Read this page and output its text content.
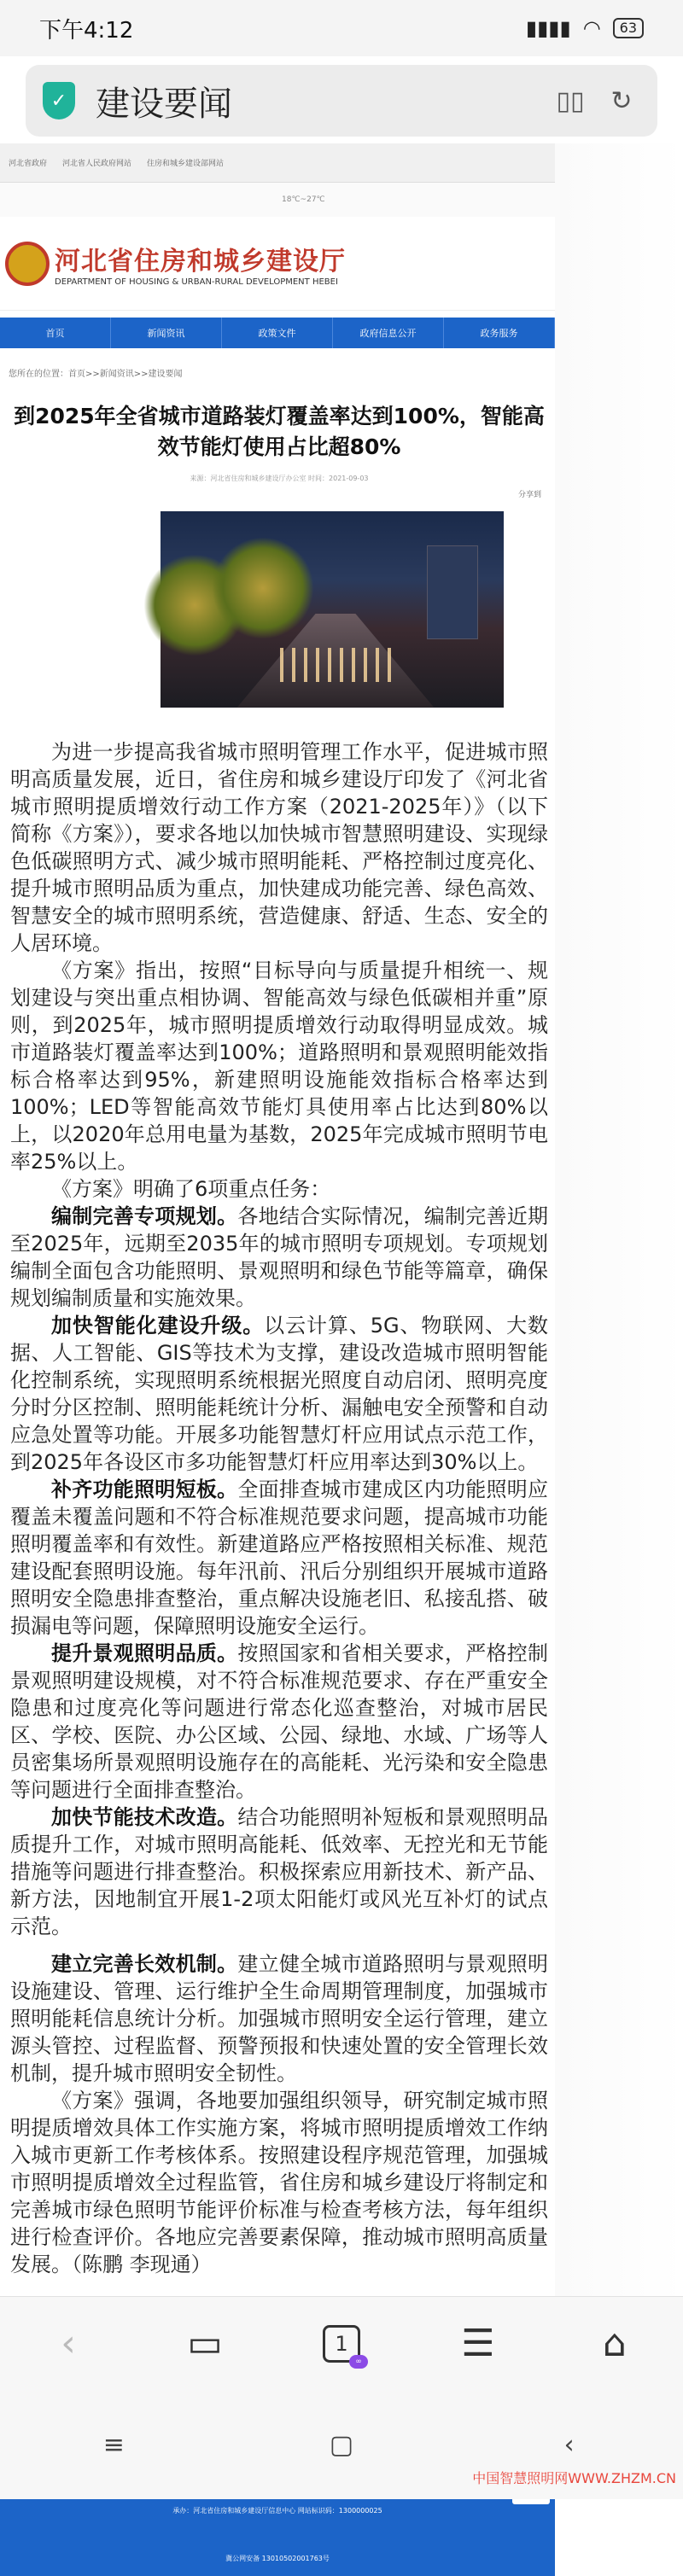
下午4:12	▮▮▮▮ ◠	63
✓ 建设要闻	▯▯	↻
河北省政府 河北省人民政府网站 住房和城乡建设部网站
18℃~27℃
河北省住房和城乡建设厅
DEPARTMENT OF HOUSING & URBAN-RURAL DEVELOPMENT HEBEI
首页	新闻资讯	政策文件	政府信息公开	政务服务
您所在的位置：首页>>新闻资讯>>建设要闻
到2025年全省城市道路装灯覆盖率达到100%，智能高效节能灯使用占比超80%
来源：河北省住房和城乡建设厅办公室 时间：2021-09-03
分享到

为进一步提高我省城市照明管理工作水平，促进城市照明高质量发展，近日，省住房和城乡建设厅印发了《河北省城市照明提质增效行动工作方案（2021-2025年）》（以下简称《方案》），要求各地以加快城市智慧照明建设、实现绿色低碳照明方式、减少城市照明能耗、严格控制过度亮化、提升城市照明品质为重点，加快建成功能完善、绿色高效、智慧安全的城市照明系统，营造健康、舒适、生态、安全的人居环境。

《方案》指出，按照“目标导向与质量提升相统一、规划建设与突出重点相协调、智能高效与绿色低碳相并重”原则，到2025年，城市照明提质增效行动取得明显成效。城市道路装灯覆盖率达到100%；道路照明和景观照明能效指标合格率达到95%，新建照明设施能效指标合格率达到100%；LED等智能高效节能灯具使用率占比达到80%以上，以2020年总用电量为基数，2025年完成城市照明节电率25%以上。

《方案》明确了6项重点任务：

编制完善专项规划。各地结合实际情况，编制完善近期至2025年，远期至2035年的城市照明专项规划。专项规划编制全面包含功能照明、景观照明和绿色节能等篇章，确保规划编制质量和实施效果。

加快智能化建设升级。以云计算、5G、物联网、大数据、人工智能、GIS等技术为支撑，建设改造城市照明智能化控制系统，实现照明系统根据光照度自动启闭、照明亮度分时分区控制、照明能耗统计分析、漏触电安全预警和自动应急处置等功能。开展多功能智慧灯杆应用试点示范工作，到2025年各设区市多功能智慧灯杆应用率达到30%以上。

补齐功能照明短板。全面排查城市建成区内功能照明应覆盖未覆盖问题和不符合标准规范要求问题，提高城市功能照明覆盖率和有效性。新建道路应严格按照相关标准、规范建设配套照明设施。每年汛前、汛后分别组织开展城市道路照明安全隐患排查整治，重点解决设施老旧、私接乱搭、破损漏电等问题，保障照明设施安全运行。

提升景观照明品质。按照国家和省相关要求，严格控制景观照明建设规模，对不符合标准规范要求、存在严重安全隐患和过度亮化等问题进行常态化巡查整治，对城市居民区、学校、医院、办公区域、公园、绿地、水域、广场等人员密集场所景观照明设施存在的高能耗、光污染和安全隐患等问题进行全面排查整治。

加快节能技术改造。结合功能照明补短板和景观照明品质提升工作，对城市照明高能耗、低效率、无控光和无节能措施等问题进行排查整治。积极探索应用新技术、新产品、新方法，因地制宜开展1-2项太阳能灯或风光互补灯的试点示范。

建立完善长效机制。建立健全城市道路照明与景观照明设施建设、管理、运行维护全生命周期管理制度，加强城市照明能耗信息统计分析。加强城市照明安全运行管理，建立源头管控、过程监督、预警预报和快速处置的安全管理长效机制，提升城市照明安全韧性。

《方案》强调，各地要加强组织领导，研究制定城市照明提质增效具体工作实施方案，将城市照明提质增效工作纳入城市更新工作考核体系。按照建设程序规范管理，加强城市照明提质增效全过程监管，省住房和城乡建设厅将制定和完善城市绿色照明节能评价标准与检查考核方法，每年组织进行检查评价。各地应完善要素保障，推动城市照明高质量发展。（陈鹏 李现通）

承办：河北省住房和城乡建设厅信息中心 网站标识码：1300000025
冀公网安备 13010502001763号
‹	▭	1
∞	☰	⌂
≡	▢	‹
中国智慧照明网WWW.ZHZM.CN
